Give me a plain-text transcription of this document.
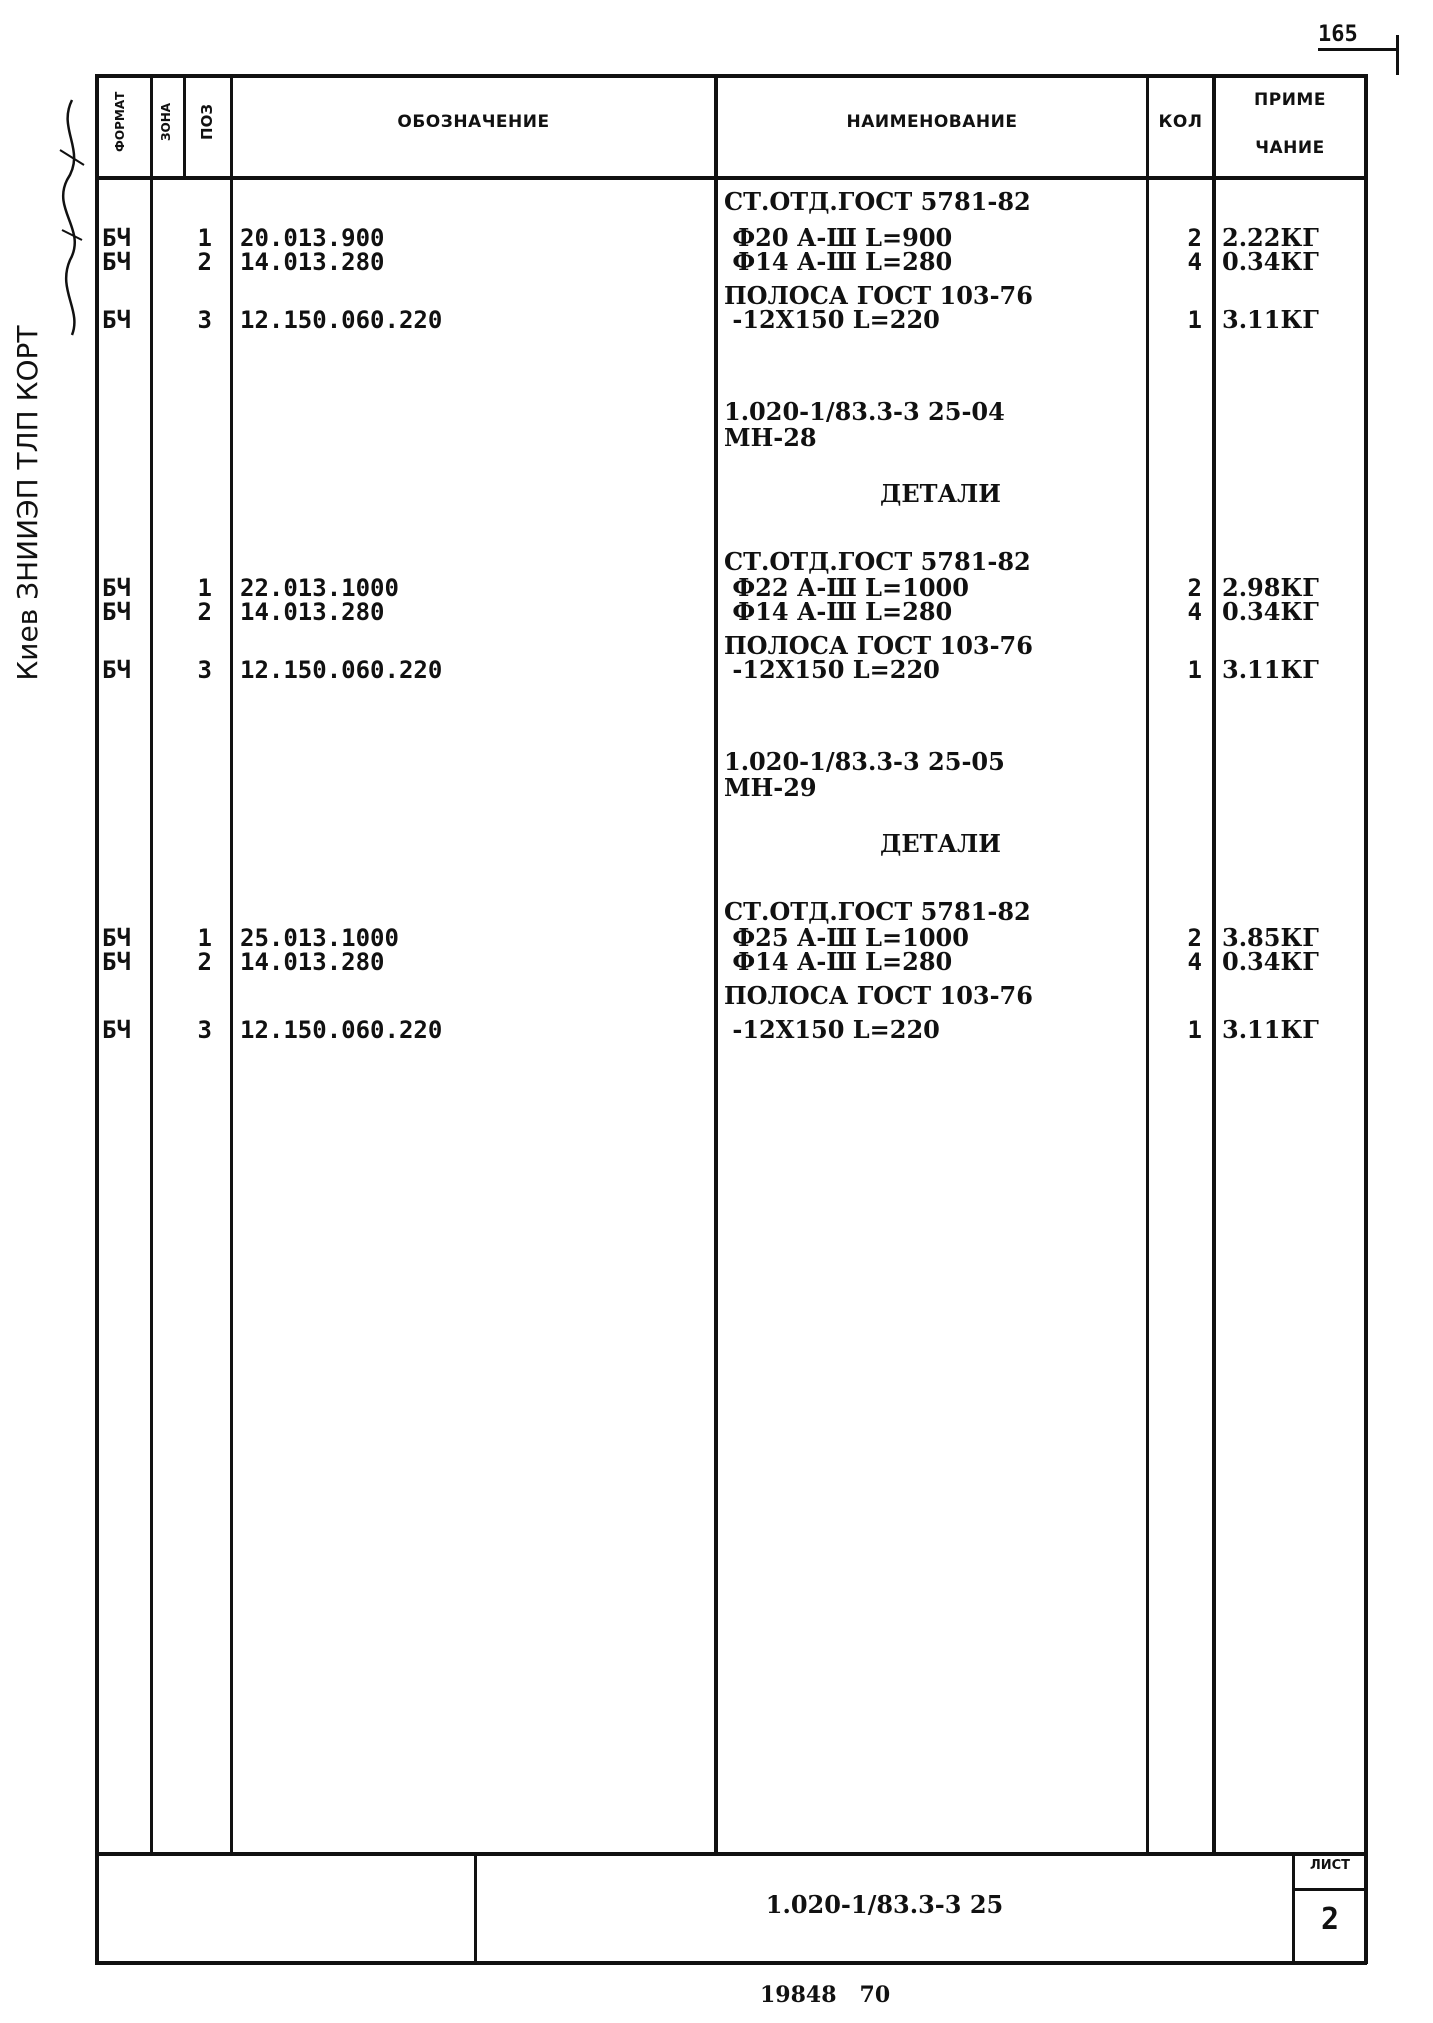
165
Киев ЗНИИЭП ТЛП КОРТ
ФОРМАТ	ЗОНА ПОЗ	ОБОЗНАЧЕНИЕ	НАИМЕНОВАНИЕ	КОЛ
ПРИМЕ
ЧАНИЕ
СТ.ОТД.ГОСТ 5781-82
БЧ	1 20.013.900	Ф20 А-Ш L=900	2 2.22КГ
БЧ	2 14.013.280	Ф14 А-Ш L=280	4 0.34КГ
ПОЛОСА ГОСТ 103-76
БЧ	3 12.150.060.220	-12Х150 L=220	1 3.11КГ
1.020-1/83.3-3 25-04
МН-28
ДЕТАЛИ
СТ.ОТД.ГОСТ 5781-82
БЧ	1 22.013.1000	Ф22 А-Ш L=1000	2 2.98КГ
БЧ	2 14.013.280	Ф14 А-Ш L=280	4 0.34КГ
ПОЛОСА ГОСТ 103-76
БЧ	3 12.150.060.220	-12Х150 L=220	1 3.11КГ
1.020-1/83.3-3 25-05
МН-29
ДЕТАЛИ
СТ.ОТД.ГОСТ 5781-82
БЧ	1 25.013.1000	Ф25 А-Ш L=1000	2 3.85КГ
БЧ	2 14.013.280	Ф14 А-Ш L=280	4 0.34КГ
ПОЛОСА ГОСТ 103-76
БЧ	3 12.150.060.220	-12Х150 L=220	1 3.11КГ
1.020-1/83.3-3 25
ЛИСТ
2
19848   70
